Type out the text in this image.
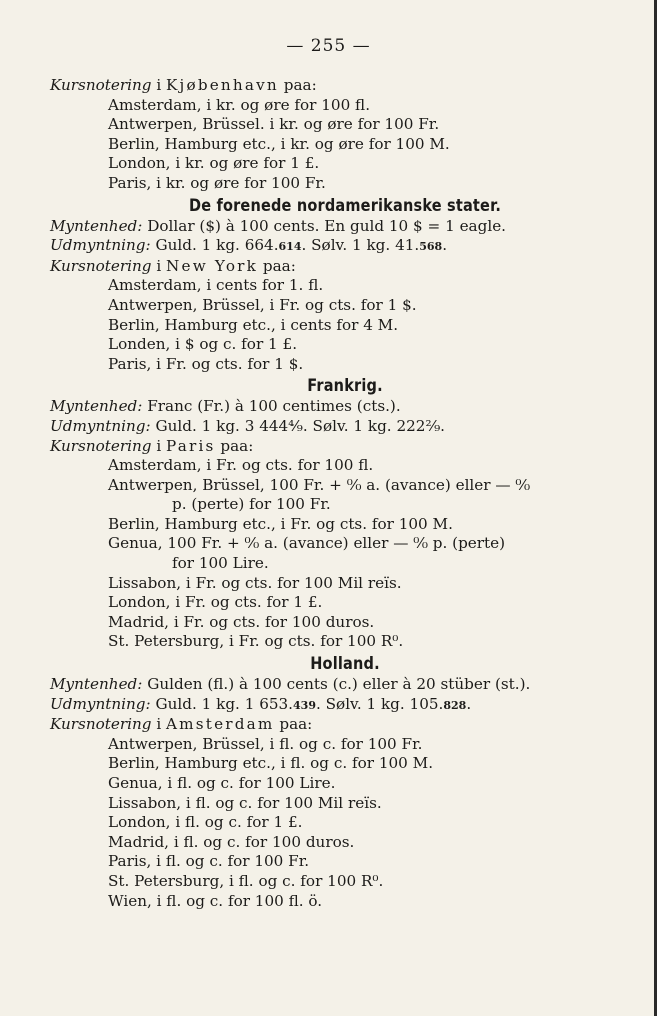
— 255 —
Kursnotering i Kjøbenhavn paa:
Amsterdam, i kr. og øre for 100 fl.
Antwerpen, Brüssel. i kr. og øre for 100 Fr.
Berlin, Hamburg etc., i kr. og øre for 100 M.
London, i kr. og øre for 1 £.
Paris, i kr. og øre for 100 Fr.
De forenede nordamerikanske stater.
Myntenhed: Dollar ($) à 100 cents. En guld 10 $ = 1 eagle.
Udmyntning: Guld. 1 kg. 664.614. Sølv. 1 kg. 41.568.
Kursnotering i New York paa:
Amsterdam, i cents for 1. fl.
Antwerpen, Brüssel, i Fr. og cts. for 1 $.
Berlin, Hamburg etc., i cents for 4 M.
Londen, i $ og c. for 1 £.
Paris, i Fr. og cts. for 1 $.
Frankrig.
Myntenhed: Franc (Fr.) à 100 centimes (cts.).
Udmyntning: Guld. 1 kg. 3 444⁴⁄₉. Sølv. 1 kg. 222²⁄₉.
Kursnotering i Paris paa:
Amsterdam, i Fr. og cts. for 100 fl.
Antwerpen, Brüssel, 100 Fr. + ⁰⁄₀ a. (avance) eller — ⁰⁄₀
p. (perte) for 100 Fr.
Berlin, Hamburg etc., i Fr. og cts. for 100 M.
Genua, 100 Fr. + ⁰⁄₀ a. (avance) eller — ⁰⁄₀ p. (perte)
for 100 Lire.
Lissabon, i Fr. og cts. for 100 Mil reïs.
London, i Fr. og cts. for 1 £.
Madrid, i Fr. og cts. for 100 duros.
St. Petersburg, i Fr. og cts. for 100 R⁰.
Holland.
Myntenhed: Gulden (fl.) à 100 cents (c.) eller à 20 stüber (st.).
Udmyntning: Guld. 1 kg. 1 653.439. Sølv. 1 kg. 105.828.
Kursnotering i Amsterdam paa:
Antwerpen, Brüssel, i fl. og c. for 100 Fr.
Berlin, Hamburg etc., i fl. og c. for 100 M.
Genua, i fl. og c. for 100 Lire.
Lissabon, i fl. og c. for 100 Mil reïs.
London, i fl. og c. for 1 £.
Madrid, i fl. og c. for 100 duros.
Paris, i fl. og c. for 100 Fr.
St. Petersburg, i fl. og c. for 100 R⁰.
Wien, i fl. og c. for 100 fl. ö.
